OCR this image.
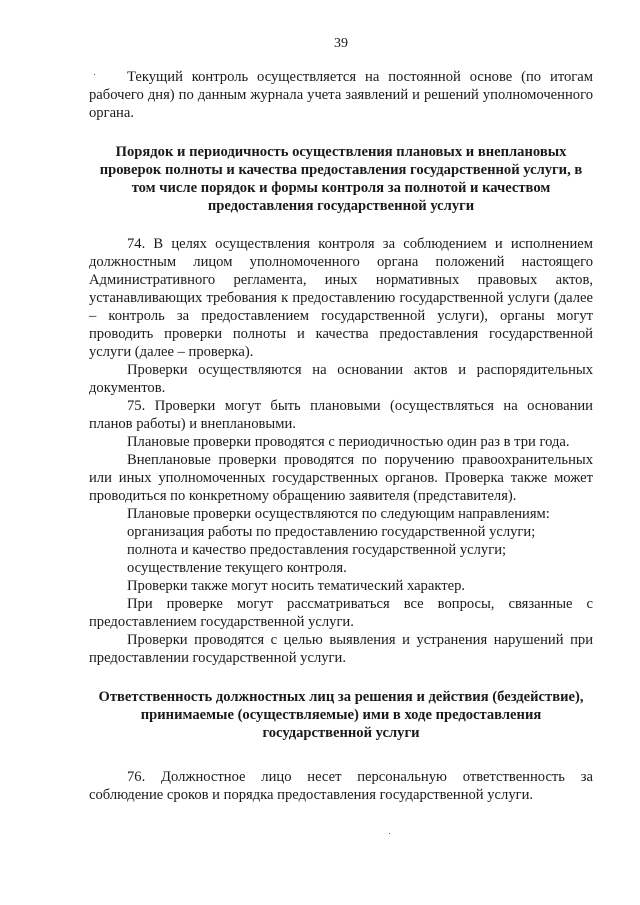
39

Текущий контроль осуществляется на постоянной основе (по итогам рабочего дня) по данным журнала учета заявлений и решений уполномоченного органа.

Порядок и периодичность осуществления плановых и внеплановых проверок полноты и качества предоставления государственной услуги, в том числе порядок и формы контроля за полнотой и качеством предоставления государственной услуги

74. В целях осуществления контроля за соблюдением и исполнением должностным лицом уполномоченного органа положений настоящего Административного регламента, иных нормативных правовых актов, устанавливающих требования к предоставлению государственной услуги (далее – контроль за предоставлением государственной услуги), органы могут проводить проверки полноты и качества предоставления государственной услуги (далее – проверка).

Проверки осуществляются на основании актов и распорядительных документов.

75. Проверки могут быть плановыми (осуществляться на основании планов работы) и внеплановыми.

Плановые проверки проводятся с периодичностью один раз в три года.

Внеплановые проверки проводятся по поручению правоохранительных или иных уполномоченных государственных органов. Проверка также может проводиться по конкретному обращению заявителя (представителя).

Плановые проверки осуществляются по следующим направлениям:

организация работы по предоставлению государственной услуги;

полнота и качество предоставления государственной услуги;

осуществление текущего контроля.

Проверки также могут носить тематический характер.

При проверке могут рассматриваться все вопросы, связанные с предоставлением государственной услуги.

Проверки проводятся с целью выявления и устранения нарушений при предоставлении государственной услуги.

Ответственность должностных лиц за решения и действия (бездействие), принимаемые (осуществляемые) ими в ходе предоставления государственной услуги

76. Должностное лицо несет персональную ответственность за соблюдение сроков и порядка предоставления государственной услуги.
